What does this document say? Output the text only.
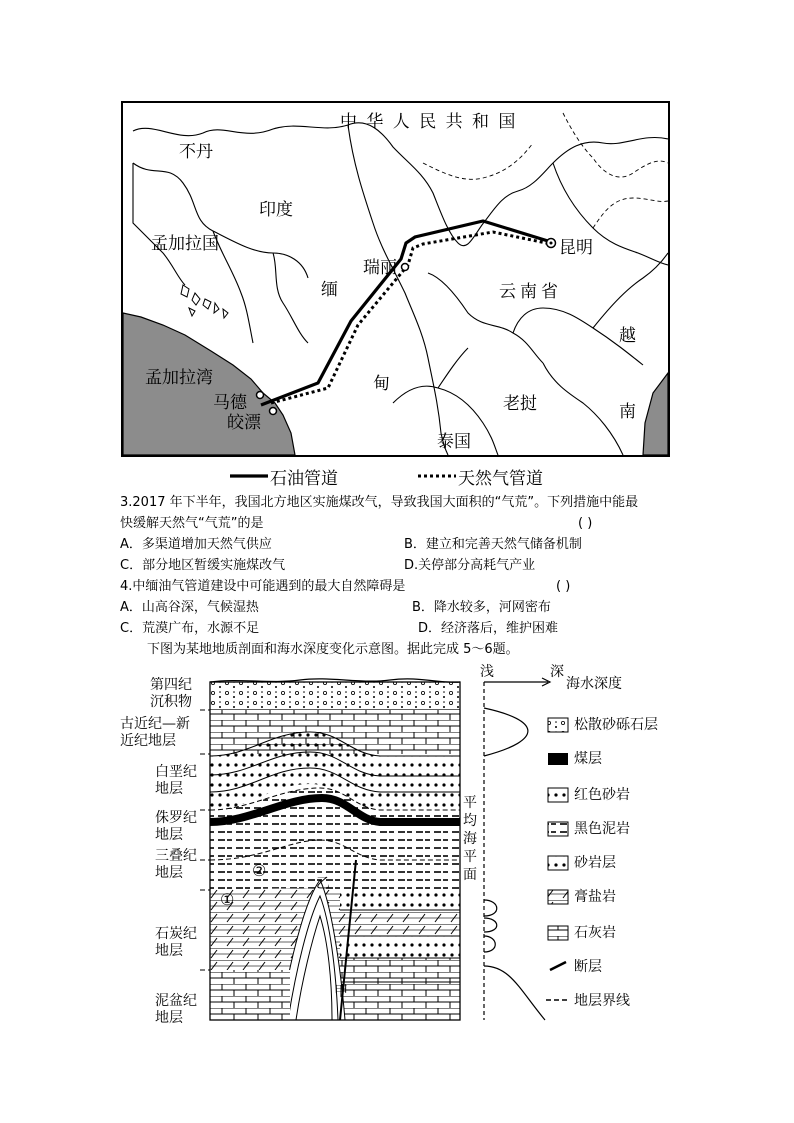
中 华 人 民 共 和 国
不丹
印度
孟加拉国
缅
甸
瑞丽
昆明
云南省
越
南
孟加拉湾
马德
皎漂
老挝
泰国
石油管道	天然气管道
3.2017 年下半年，我国北方地区实施煤改气，导致我国大面积的“气荒”。下列措施中能最
快缓解天然气“气荒”的是	( )
A．多渠道增加天然气供应	B．建立和完善天然气储备机制
C．部分地区暂缓实施煤改气	D.关停部分高耗气产业
4.中缅油气管道建设中可能遇到的最大自然障碍是	( )
A．山高谷深，气候湿热	B．降水较多，河网密布
C．荒漠广布，水源不足	D．经济落后，维护困难
下图为某地地质剖面和海水深度变化示意图。据此完成 5～6题。
第四纪
沉积物
古近纪—新
近纪地层
白垩纪
地层
侏罗纪
地层
三叠纪
地层
石炭纪
地层
泥盆纪
地层
①
②
乙
甲
浅	深
海水深度
平均海平面
松散砂砾石层
煤层
红色砂岩
黑色泥岩
砂岩层
膏盐岩
石灰岩
断层
地层界线
